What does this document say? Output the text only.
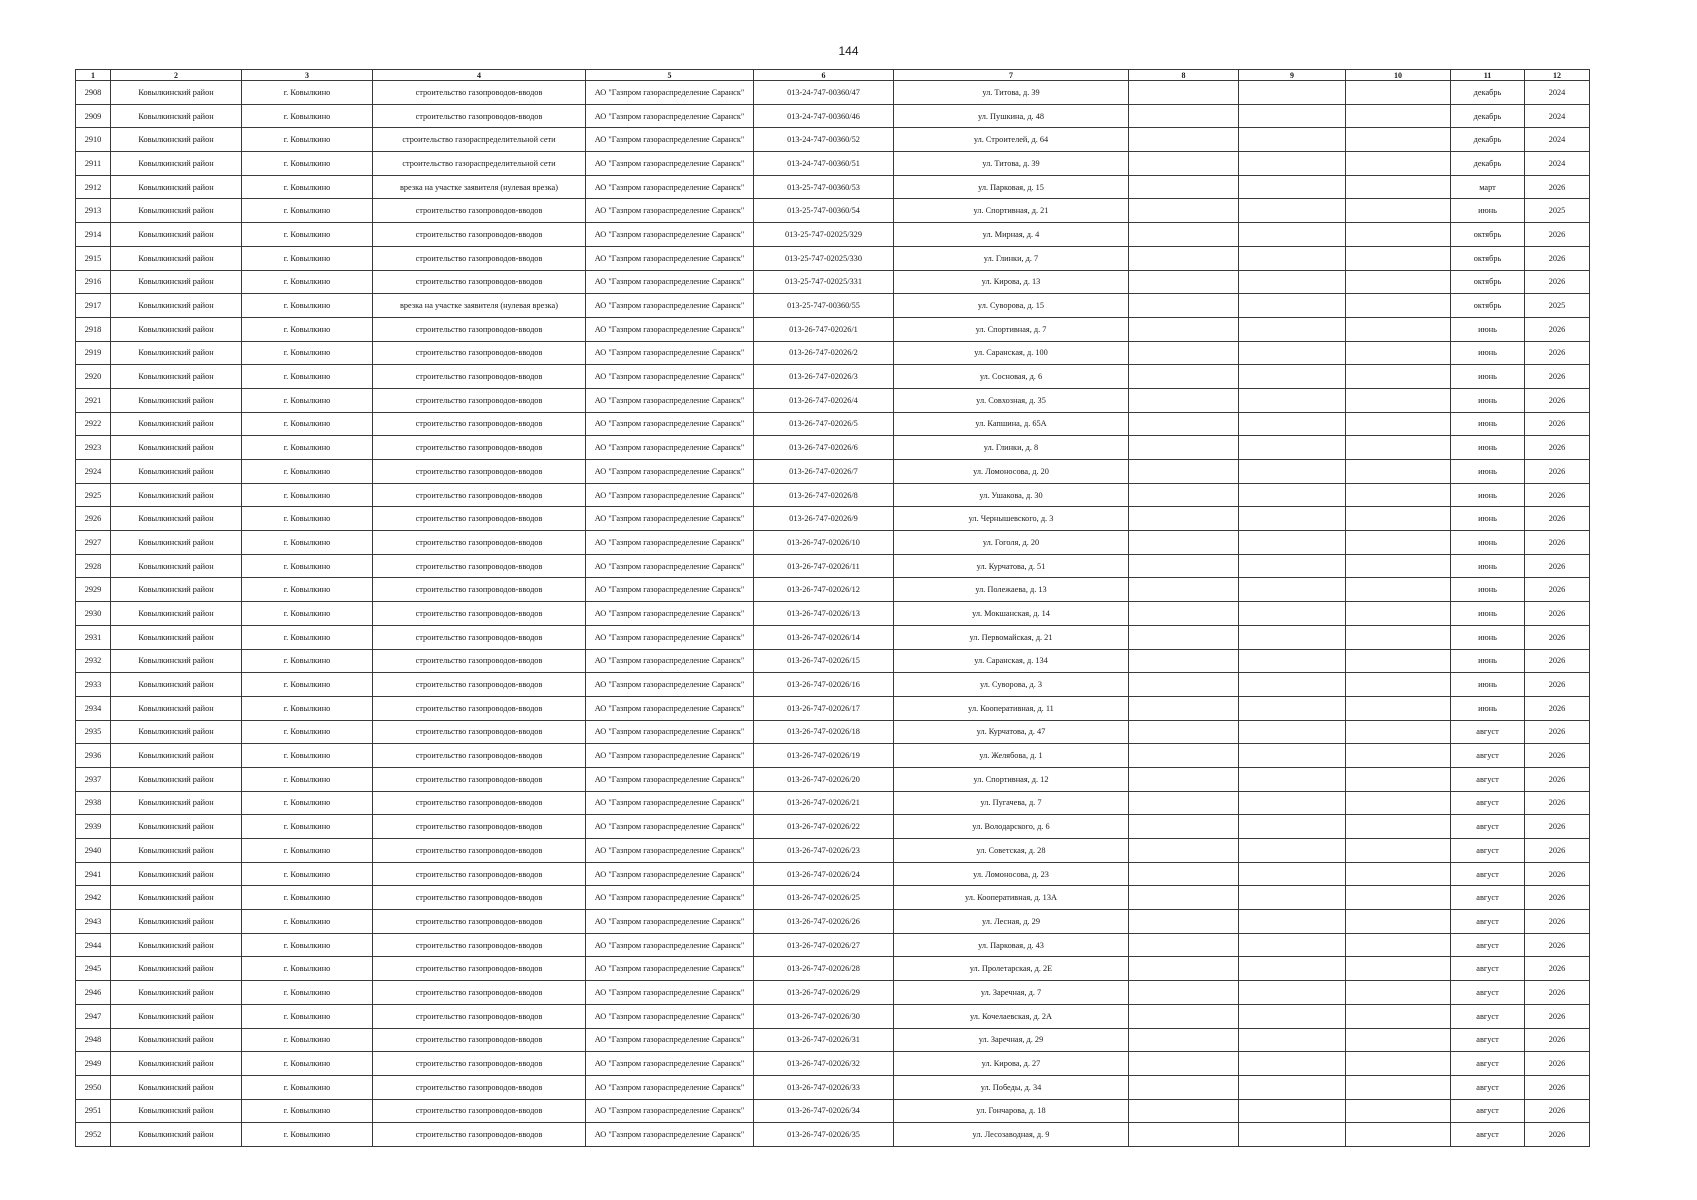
144
1	2	3	4	5	6	7	8	9	10	11	12
2908	Ковылкинский район	г. Ковылкино	строительство газопроводов-вводов	АО "Газпром газораспределение Саранск"	013-24-747-00360/47	ул. Титова, д. 39				декабрь	2024
2909	Ковылкинский район	г. Ковылкино	строительство газопроводов-вводов	АО "Газпром газораспределение Саранск"	013-24-747-00360/46	ул. Пушкина, д. 48				декабрь	2024
2910	Ковылкинский район	г. Ковылкино	строительство газораспределительной сети	АО "Газпром газораспределение Саранск"	013-24-747-00360/52	ул. Строителей, д. 64				декабрь	2024
2911	Ковылкинский район	г. Ковылкино	строительство газораспределительной сети	АО "Газпром газораспределение Саранск"	013-24-747-00360/51	ул. Титова, д. 39				декабрь	2024
2912	Ковылкинский район	г. Ковылкино	врезка на участке заявителя (нулевая врезка)	АО "Газпром газораспределение Саранск"	013-25-747-00360/53	ул. Парковая, д. 15				март	2026
2913	Ковылкинский район	г. Ковылкино	строительство газопроводов-вводов	АО "Газпром газораспределение Саранск"	013-25-747-00360/54	ул. Спортивная, д. 21				июнь	2025
2914	Ковылкинский район	г. Ковылкино	строительство газопроводов-вводов	АО "Газпром газораспределение Саранск"	013-25-747-02025/329	ул. Мирная, д. 4				октябрь	2026
2915	Ковылкинский район	г. Ковылкино	строительство газопроводов-вводов	АО "Газпром газораспределение Саранск"	013-25-747-02025/330	ул. Глинки, д. 7				октябрь	2026
2916	Ковылкинский район	г. Ковылкино	строительство газопроводов-вводов	АО "Газпром газораспределение Саранск"	013-25-747-02025/331	ул. Кирова, д. 13				октябрь	2026
2917	Ковылкинский район	г. Ковылкино	врезка на участке заявителя (нулевая врезка)	АО "Газпром газораспределение Саранск"	013-25-747-00360/55	ул. Суворова, д. 15				октябрь	2025
2918	Ковылкинский район	г. Ковылкино	строительство газопроводов-вводов	АО "Газпром газораспределение Саранск"	013-26-747-02026/1	ул. Спортивная, д. 7				июнь	2026
2919	Ковылкинский район	г. Ковылкино	строительство газопроводов-вводов	АО "Газпром газораспределение Саранск"	013-26-747-02026/2	ул. Саранская, д. 100				июнь	2026
2920	Ковылкинский район	г. Ковылкино	строительство газопроводов-вводов	АО "Газпром газораспределение Саранск"	013-26-747-02026/3	ул. Сосновая, д. 6				июнь	2026
2921	Ковылкинский район	г. Ковылкино	строительство газопроводов-вводов	АО "Газпром газораспределение Саранск"	013-26-747-02026/4	ул. Совхозная, д. 35				июнь	2026
2922	Ковылкинский район	г. Ковылкино	строительство газопроводов-вводов	АО "Газпром газораспределение Саранск"	013-26-747-02026/5	ул. Капшина, д. 65А				июнь	2026
2923	Ковылкинский район	г. Ковылкино	строительство газопроводов-вводов	АО "Газпром газораспределение Саранск"	013-26-747-02026/6	ул. Глинки, д. 8				июнь	2026
2924	Ковылкинский район	г. Ковылкино	строительство газопроводов-вводов	АО "Газпром газораспределение Саранск"	013-26-747-02026/7	ул. Ломоносова, д. 20				июнь	2026
2925	Ковылкинский район	г. Ковылкино	строительство газопроводов-вводов	АО "Газпром газораспределение Саранск"	013-26-747-02026/8	ул. Ушакова, д. 30				июнь	2026
2926	Ковылкинский район	г. Ковылкино	строительство газопроводов-вводов	АО "Газпром газораспределение Саранск"	013-26-747-02026/9	ул. Чернышевского, д. 3				июнь	2026
2927	Ковылкинский район	г. Ковылкино	строительство газопроводов-вводов	АО "Газпром газораспределение Саранск"	013-26-747-02026/10	ул. Гоголя, д. 20				июнь	2026
2928	Ковылкинский район	г. Ковылкино	строительство газопроводов-вводов	АО "Газпром газораспределение Саранск"	013-26-747-02026/11	ул. Курчатова, д. 51				июнь	2026
2929	Ковылкинский район	г. Ковылкино	строительство газопроводов-вводов	АО "Газпром газораспределение Саранск"	013-26-747-02026/12	ул. Полежаева, д. 13				июнь	2026
2930	Ковылкинский район	г. Ковылкино	строительство газопроводов-вводов	АО "Газпром газораспределение Саранск"	013-26-747-02026/13	ул. Мокшанская, д. 14				июнь	2026
2931	Ковылкинский район	г. Ковылкино	строительство газопроводов-вводов	АО "Газпром газораспределение Саранск"	013-26-747-02026/14	ул. Первомайская, д. 21				июнь	2026
2932	Ковылкинский район	г. Ковылкино	строительство газопроводов-вводов	АО "Газпром газораспределение Саранск"	013-26-747-02026/15	ул. Саранская, д. 134				июнь	2026
2933	Ковылкинский район	г. Ковылкино	строительство газопроводов-вводов	АО "Газпром газораспределение Саранск"	013-26-747-02026/16	ул. Суворова, д. 3				июнь	2026
2934	Ковылкинский район	г. Ковылкино	строительство газопроводов-вводов	АО "Газпром газораспределение Саранск"	013-26-747-02026/17	ул. Кооперативная, д. 11				июнь	2026
2935	Ковылкинский район	г. Ковылкино	строительство газопроводов-вводов	АО "Газпром газораспределение Саранск"	013-26-747-02026/18	ул. Курчатова, д. 47				август	2026
2936	Ковылкинский район	г. Ковылкино	строительство газопроводов-вводов	АО "Газпром газораспределение Саранск"	013-26-747-02026/19	ул. Желябова, д. 1				август	2026
2937	Ковылкинский район	г. Ковылкино	строительство газопроводов-вводов	АО "Газпром газораспределение Саранск"	013-26-747-02026/20	ул. Спортивная, д. 12				август	2026
2938	Ковылкинский район	г. Ковылкино	строительство газопроводов-вводов	АО "Газпром газораспределение Саранск"	013-26-747-02026/21	ул. Пугачева, д. 7				август	2026
2939	Ковылкинский район	г. Ковылкино	строительство газопроводов-вводов	АО "Газпром газораспределение Саранск"	013-26-747-02026/22	ул. Володарского, д. 6				август	2026
2940	Ковылкинский район	г. Ковылкино	строительство газопроводов-вводов	АО "Газпром газораспределение Саранск"	013-26-747-02026/23	ул. Советская, д. 28				август	2026
2941	Ковылкинский район	г. Ковылкино	строительство газопроводов-вводов	АО "Газпром газораспределение Саранск"	013-26-747-02026/24	ул. Ломоносова, д. 23				август	2026
2942	Ковылкинский район	г. Ковылкино	строительство газопроводов-вводов	АО "Газпром газораспределение Саранск"	013-26-747-02026/25	ул. Кооперативная, д. 13А				август	2026
2943	Ковылкинский район	г. Ковылкино	строительство газопроводов-вводов	АО "Газпром газораспределение Саранск"	013-26-747-02026/26	ул. Лесная, д. 29				август	2026
2944	Ковылкинский район	г. Ковылкино	строительство газопроводов-вводов	АО "Газпром газораспределение Саранск"	013-26-747-02026/27	ул. Парковая, д. 43				август	2026
2945	Ковылкинский район	г. Ковылкино	строительство газопроводов-вводов	АО "Газпром газораспределение Саранск"	013-26-747-02026/28	ул. Пролетарская, д. 2Е				август	2026
2946	Ковылкинский район	г. Ковылкино	строительство газопроводов-вводов	АО "Газпром газораспределение Саранск"	013-26-747-02026/29	ул. Заречная, д. 7				август	2026
2947	Ковылкинский район	г. Ковылкино	строительство газопроводов-вводов	АО "Газпром газораспределение Саранск"	013-26-747-02026/30	ул. Кочелаевская, д. 2А				август	2026
2948	Ковылкинский район	г. Ковылкино	строительство газопроводов-вводов	АО "Газпром газораспределение Саранск"	013-26-747-02026/31	ул. Заречная, д. 29				август	2026
2949	Ковылкинский район	г. Ковылкино	строительство газопроводов-вводов	АО "Газпром газораспределение Саранск"	013-26-747-02026/32	ул. Кирова, д. 27				август	2026
2950	Ковылкинский район	г. Ковылкино	строительство газопроводов-вводов	АО "Газпром газораспределение Саранск"	013-26-747-02026/33	ул. Победы, д. 34				август	2026
2951	Ковылкинский район	г. Ковылкино	строительство газопроводов-вводов	АО "Газпром газораспределение Саранск"	013-26-747-02026/34	ул. Гончарова, д. 18				август	2026
2952	Ковылкинский район	г. Ковылкино	строительство газопроводов-вводов	АО "Газпром газораспределение Саранск"	013-26-747-02026/35	ул. Лесозаводная, д. 9				август	2026
